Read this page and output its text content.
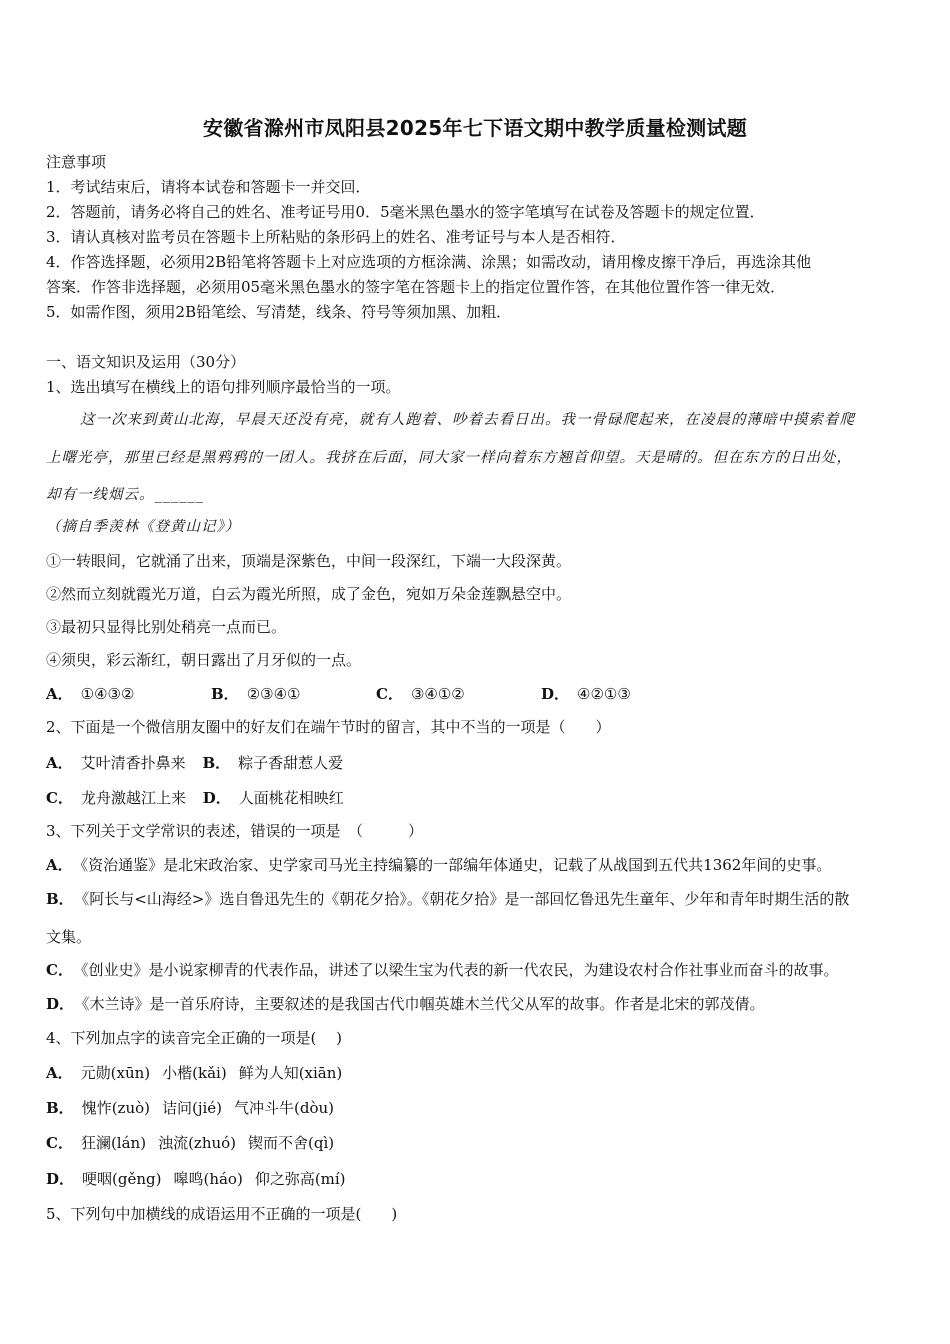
安徽省滁州市凤阳县2025年七下语文期中教学质量检测试题
注意事项
1．考试结束后，请将本试卷和答题卡一并交回．
2．答题前，请务必将自己的姓名、准考证号用0．5毫米黑色墨水的签字笔填写在试卷及答题卡的规定位置．
3．请认真核对监考员在答题卡上所粘贴的条形码上的姓名、准考证号与本人是否相符．
4．作答选择题，必须用2B铅笔将答题卡上对应选项的方框涂满、涂黑；如需改动，请用橡皮擦干净后，再选涂其他
答案．作答非选择题，必须用05毫米黑色墨水的签字笔在答题卡上的指定位置作答，在其他位置作答一律无效．
5．如需作图，须用2B铅笔绘、写清楚，线条、符号等须加黑、加粗．
一、语文知识及运用（30分）
1、选出填写在横线上的语句排列顺序最恰当的一项。
这一次来到黄山北海，早晨天还没有亮，就有人跑着、吵着去看日出。我一骨碌爬起来，在凌晨的薄暗中摸索着爬
上曙光亭，那里已经是黑鸦鸦的一团人。我挤在后面，同大家一样向着东方翘首仰望。天是晴的。但在东方的日出处，
却有一线烟云。______
（摘自季羡林《登黄山记》）
①一转眼间，它就涌了出来，顶端是深紫色，中间一段深红，下端一大段深黄。
②然而立刻就霞光万道，白云为霞光所照，成了金色，宛如万朵金莲飘悬空中。
③最初只显得比别处稍亮一点而已。
④须臾，彩云渐红，朝日露出了月牙似的一点。
A． ①④③②	B． ②③④①	C． ③④①②	D． ④②①③
2、下面是一个微信朋友圈中的好友们在端午节时的留言，其中不当的一项是（　　）
A． 艾叶清香扑鼻来 B． 粽子香甜惹人爱
C． 龙舟激越江上来 D． 人面桃花相映红
3、下列关于文学常识的表述，错误的一项是　（　　　）
A． 《资治通鉴》是北宋政治家、史学家司马光主持编纂的一部编年体通史，记载了从战国到五代共1362年间的史事。
B． 《阿长与<山海经>》选自鲁迅先生的《朝花夕拾》。《朝花夕拾》是一部回忆鲁迅先生童年、少年和青年时期生活的散
文集。
C． 《创业史》是小说家柳青的代表作品，讲述了以梁生宝为代表的新一代农民，为建设农村合作社事业而奋斗的故事。
D． 《木兰诗》是一首乐府诗，主要叙述的是我国古代巾帼英雄木兰代父从军的故事。作者是北宋的郭茂倩。
4、下列加点字的读音完全正确的一项是(　 )
A． 元勋(xūn) 小楷(kǎi) 鲜为人知(xiān)
B． 愧怍(zuò) 诘问(jié) 气冲斗牛(dòu)
C． 狂澜(lán) 浊流(zhuó) 锲而不舍(qì)
D． 哽咽(gěng) 嗥鸣(háo) 仰之弥高(mí)
5、下列句中加横线的成语运用不正确的一项是(　　)
